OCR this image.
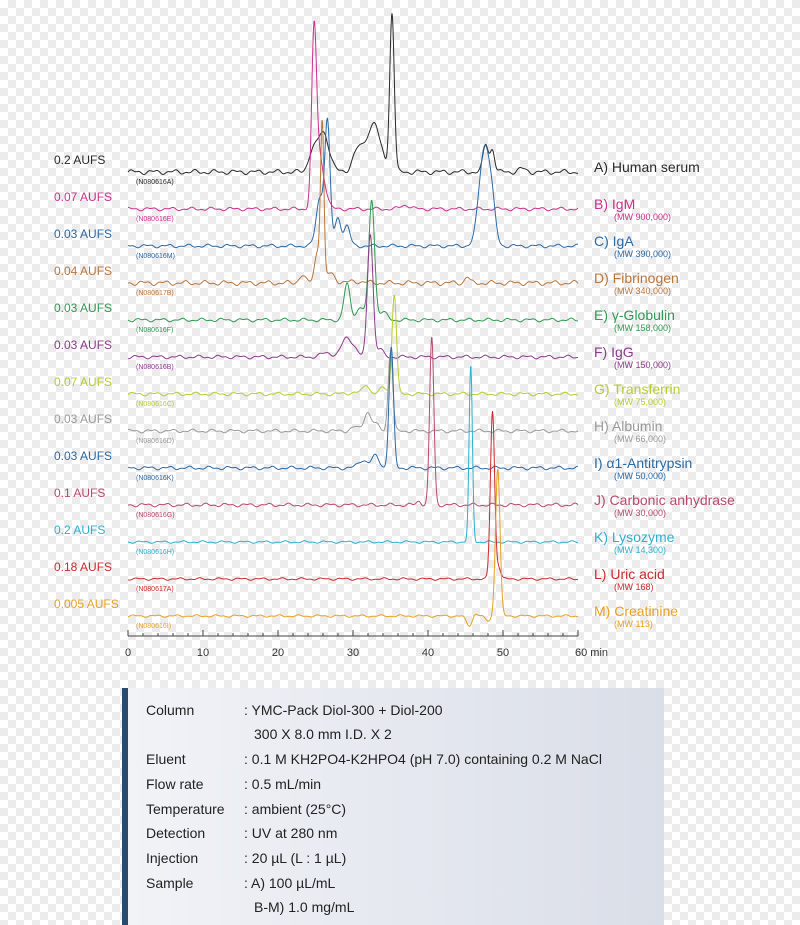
0.2 AUFS
(N080616A)
A) Human serum
0.07 AUFS
(N080616E)
B) IgM
(MW 900,000)
0.03 AUFS
(N080616M)
C) IgA
(MW 390,000)
0.04 AUFS
(N080617B)
D) Fibrinogen
(MW 340,000)
0.03 AUFS
(N080616F)
E) γ-Globulin
(MW 158,000)
0.03 AUFS
(N080616B)
F) IgG
(MW 150,000)
0.07 AUFS
(N080616C)
G) Transferrin
(MW 75,000)
0.03 AUFS
(N080616D)
H) Albumin
(MW 66,000)
0.03 AUFS
(N080616K)
I) α1-Antitrypsin
(MW 50,000)
0.1 AUFS
(N080616G)
J) Carbonic anhydrase
(MW 30,000)
0.2 AUFS
(N080616H)
K) Lysozyme
(MW 14,300)
0.18 AUFS
(N080617A)
L) Uric acid
(MW 168)
0.005 AUFS
(N080616I)
M) Creatinine
(MW 113)
0	10	20	30	40	50	60 min
Column	: YMC-Pack Diol-300 + Diol-200
300 X 8.0 mm I.D. X 2
Eluent	: 0.1 M KH2PO4-K2HPO4 (pH 7.0) containing 0.2 M NaCl
Flow rate	: 0.5 mL/min
Temperature : ambient (25°C)
Detection	: UV at 280 nm
Injection	: 20 µL (L : 1 µL)
Sample	: A) 100 µL/mL
B-M) 1.0 mg/mL
